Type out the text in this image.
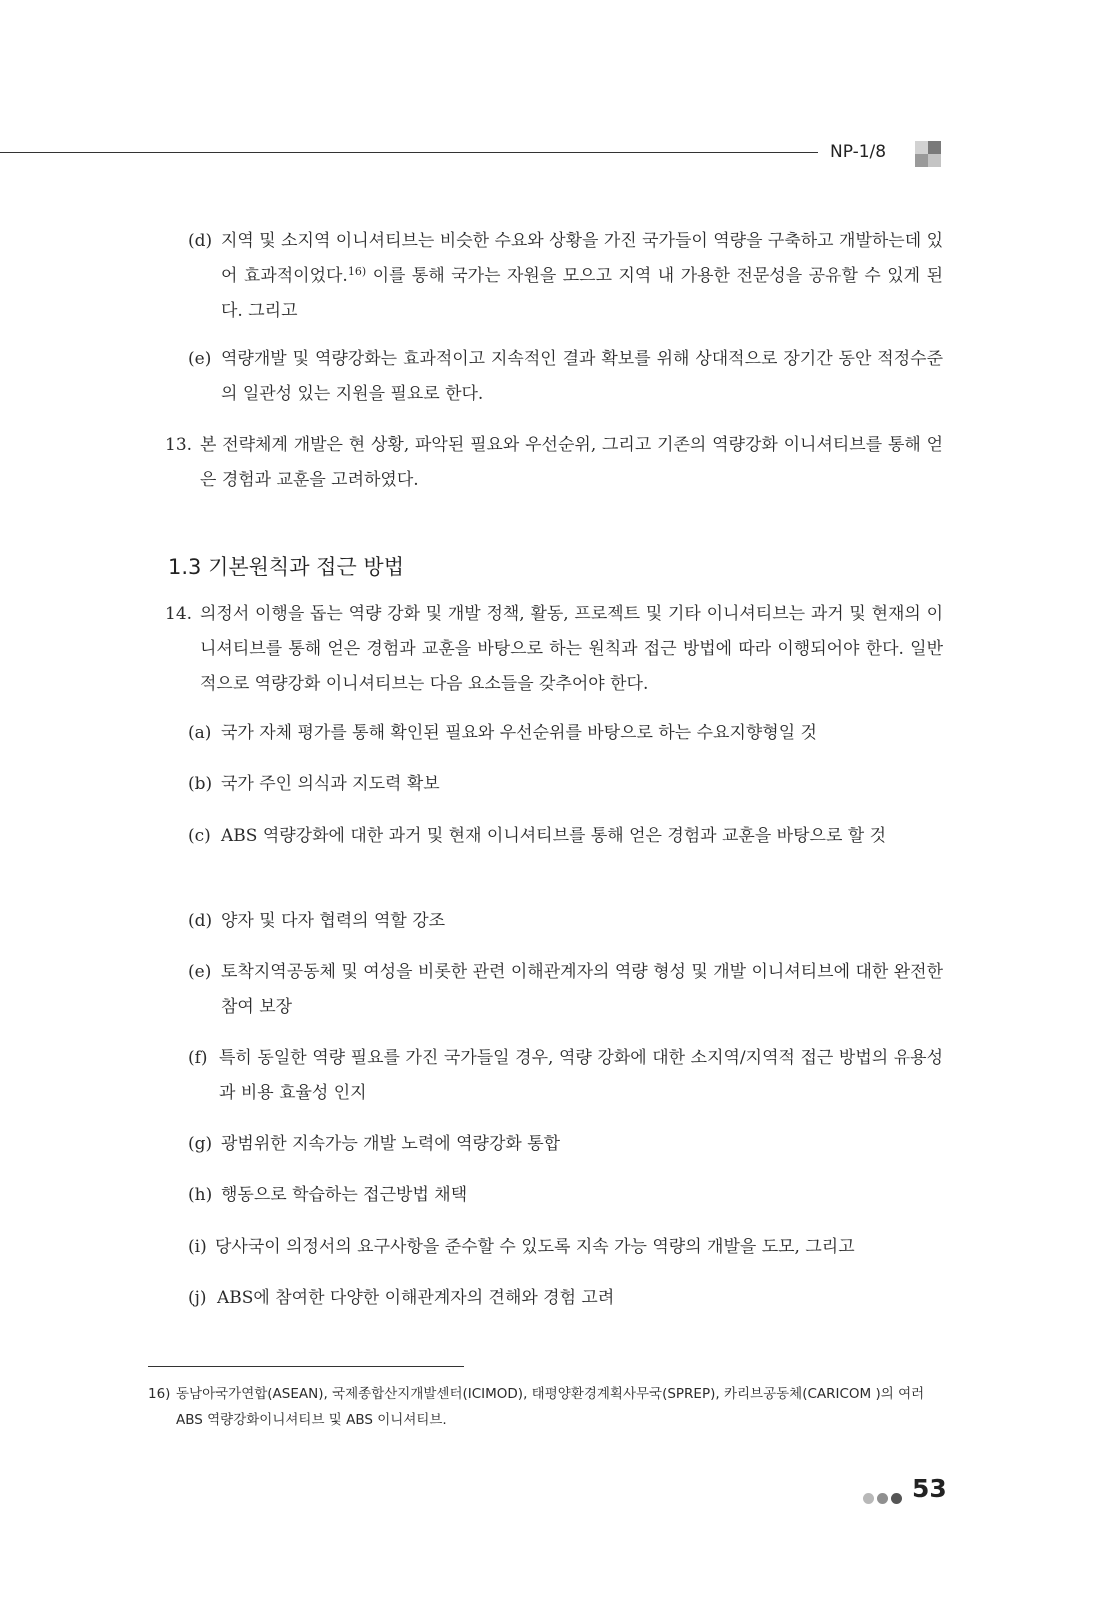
NP-1/8
(d) 지역 및 소지역 이니셔티브는 비슷한 수요와 상황을 가진 국가들이 역량을 구축하고 개발하는데 있어 효과적이었다.$^{16)}$ 이를 통해 국가는 자원을 모으고 지역 내 가용한 전문성을 공유할 수 있게 된다. 그리고
(e) 역량개발 및 역량강화는 효과적이고 지속적인 결과 확보를 위해 상대적으로 장기간 동안 적정수준의 일관성 있는 지원을 필요로 한다.
13. 본 전략체계 개발은 현 상황, 파악된 필요와 우선순위, 그리고 기존의 역량강화 이니셔티브를 통해 얻은 경험과 교훈을 고려하였다.
1.3 기본원칙과 접근 방법
14. 의정서 이행을 돕는 역량 강화 및 개발 정책, 활동, 프로젝트 및 기타 이니셔티브는 과거 및 현재의 이니셔티브를 통해 얻은 경험과 교훈을 바탕으로 하는 원칙과 접근 방법에 따라 이행되어야 한다. 일반적으로 역량강화 이니셔티브는 다음 요소들을 갖추어야 한다.
(a) 국가 자체 평가를 통해 확인된 필요와 우선순위를 바탕으로 하는 수요지향형일 것
(b) 국가 주인 의식과 지도력 확보
(c) ABS 역량강화에 대한 과거 및 현재 이니셔티브를 통해 얻은 경험과 교훈을 바탕으로 할 것
(d) 양자 및 다자 협력의 역할 강조
(e) 토착지역공동체 및 여성을 비롯한 관련 이해관계자의 역량 형성 및 개발 이니셔티브에 대한 완전한 참여 보장
(f) 특히 동일한 역량 필요를 가진 국가들일 경우, 역량 강화에 대한 소지역/지역적 접근 방법의 유용성과 비용 효율성 인지
(g) 광범위한 지속가능 개발 노력에 역량강화 통합
(h) 행동으로 학습하는 접근방법 채택
(i) 당사국이 의정서의 요구사항을 준수할 수 있도록 지속 가능 역량의 개발을 도모, 그리고
(j) ABS에 참여한 다양한 이해관계자의 견해와 경험 고려
16) 동남아국가연합(ASEAN), 국제종합산지개발센터(ICIMOD), 태평양환경계획사무국(SPREP), 카리브공동체(CARICOM )의 여러 ABS 역량강화이니셔티브 및 ABS 이니셔티브.
53
